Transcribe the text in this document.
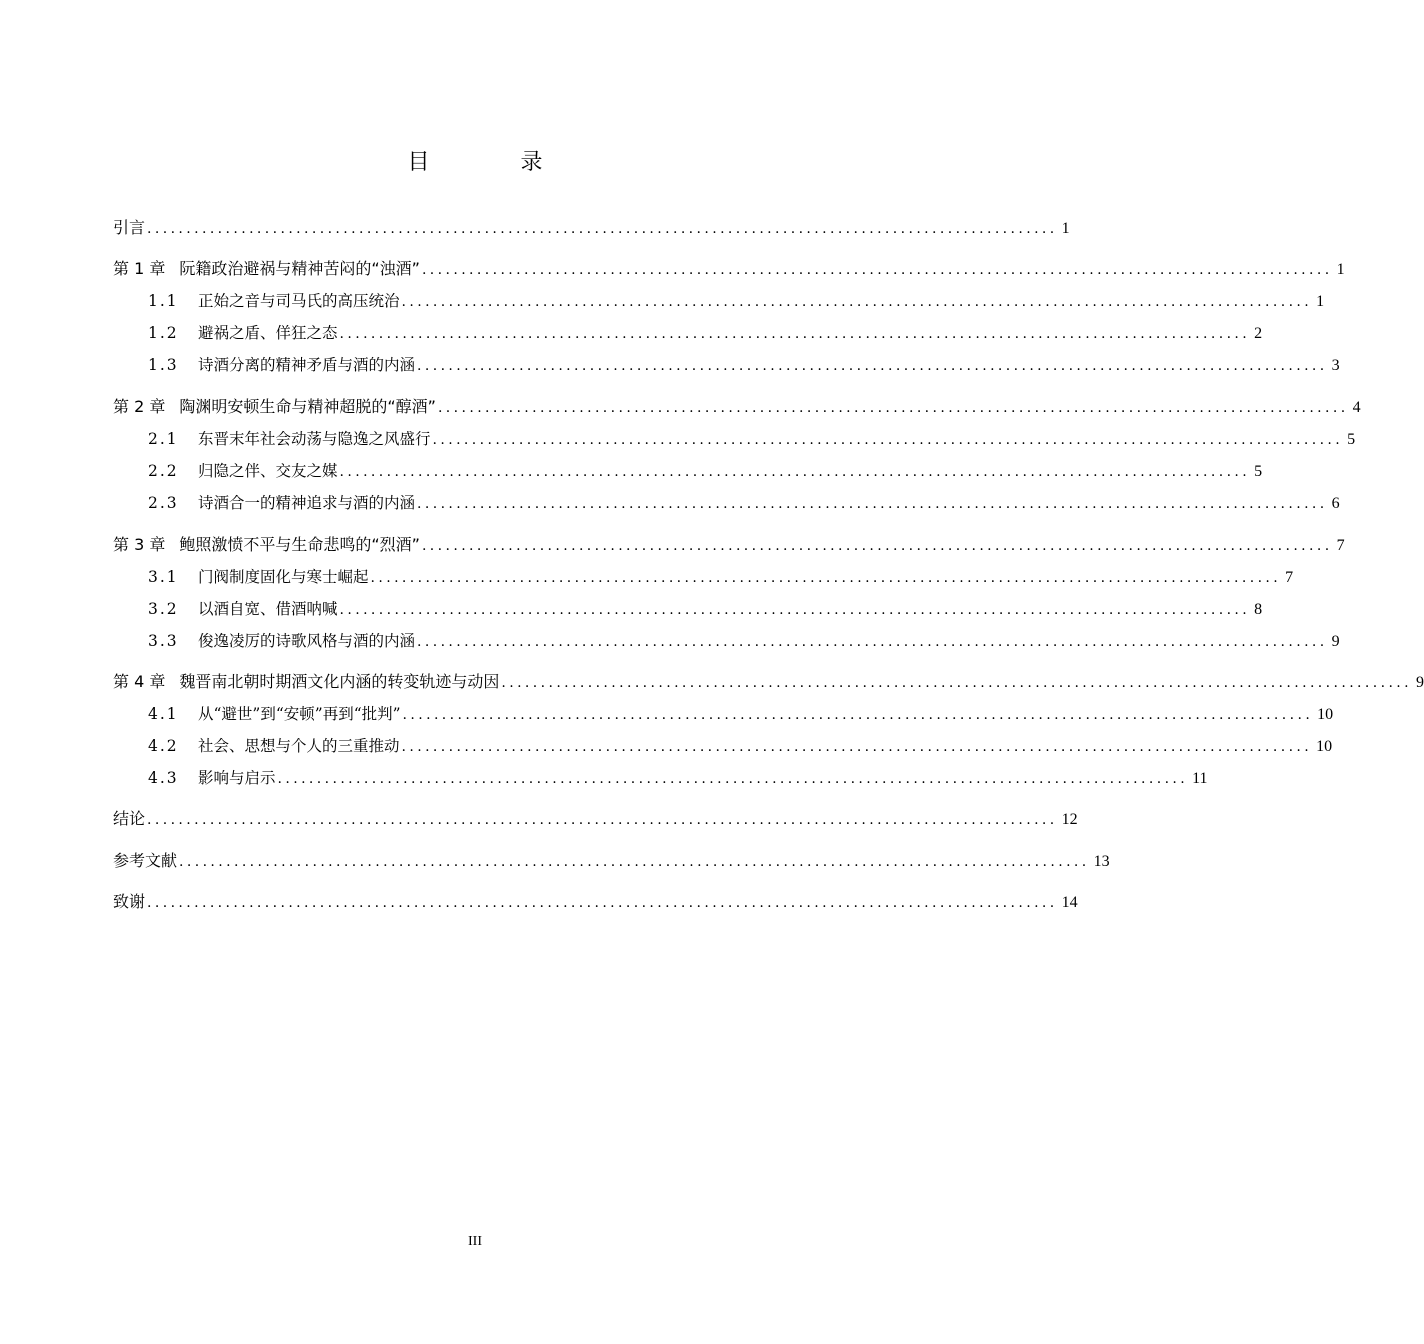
目 录
引言 .................................................................................................................... 1
第 1 章 阮籍政治避祸与精神苦闷的“浊酒” .................................................................................................................... 1
1.1 正始之音与司马氏的高压统治 .................................................................................................................... 1
1.2 避祸之盾、佯狂之态 .................................................................................................................... 2
1.3 诗酒分离的精神矛盾与酒的内涵 .................................................................................................................... 3
第 2 章 陶渊明安顿生命与精神超脱的“醇酒” .................................................................................................................... 4
2.1 东晋末年社会动荡与隐逸之风盛行 .................................................................................................................... 5
2.2 归隐之伴、交友之媒 .................................................................................................................... 5
2.3 诗酒合一的精神追求与酒的内涵 .................................................................................................................... 6
第 3 章 鲍照激愤不平与生命悲鸣的“烈酒” .................................................................................................................... 7
3.1 门阀制度固化与寒士崛起 .................................................................................................................... 7
3.2 以酒自宽、借酒呐喊 .................................................................................................................... 8
3.3 俊逸凌厉的诗歌风格与酒的内涵 .................................................................................................................... 9
第 4 章 魏晋南北朝时期酒文化内涵的转变轨迹与动因 .................................................................................................................... 9
4.1 从“避世”到“安顿”再到“批判” .................................................................................................................... 10
4.2 社会、思想与个人的三重推动 .................................................................................................................... 10
4.3 影响与启示 .................................................................................................................... 11
结论 .................................................................................................................... 12
参考文献 .................................................................................................................... 13
致谢 .................................................................................................................... 14
III
